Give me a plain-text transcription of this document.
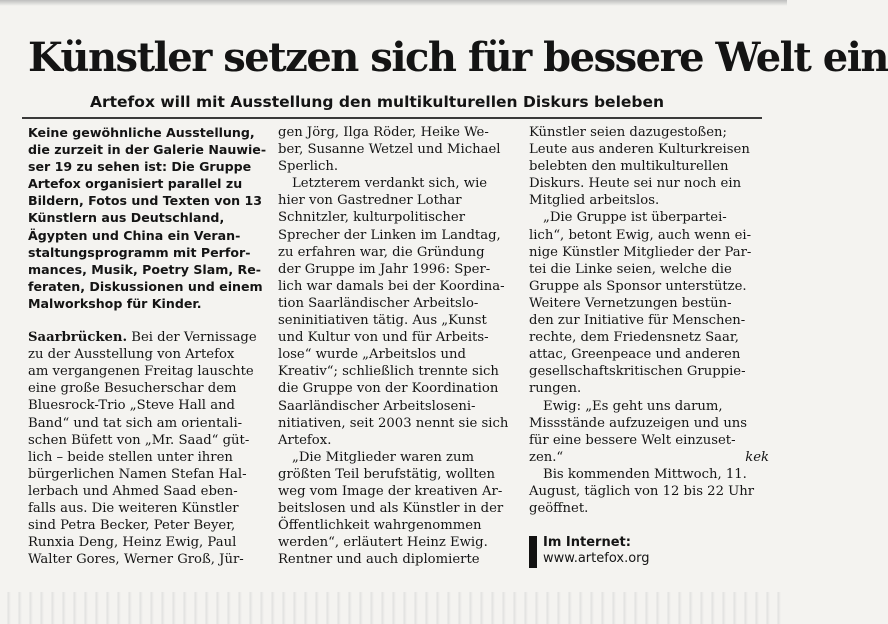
Künstler setzen sich für bessere Welt ein
Artefox will mit Ausstellung den multikulturellen Diskurs beleben
Keine gewöhnliche Ausstellung,
die zurzeit in der Galerie Nauwie-
ser 19 zu sehen ist: Die Gruppe
Artefox organisiert parallel zu
Bildern, Fotos und Texten von 13
Künstlern aus Deutschland,
Ägypten und China ein Veran-
staltungsprogramm mit Perfor-
mances, Musik, Poetry Slam, Re-
feraten, Diskussionen und einem
Malworkshop für Kinder.
Saarbrücken. Bei der Vernissage
zu der Ausstellung von Artefox
am vergangenen Freitag lauschte
eine große Besucherschar dem
Bluesrock-Trio „Steve Hall and
Band“ und tat sich am orientali-
schen Büfett von „Mr. Saad“ güt-
lich – beide stellen unter ihren
bürgerlichen Namen Stefan Hal-
lerbach und Ahmed Saad eben-
falls aus. Die weiteren Künstler
sind Petra Becker, Peter Beyer,
Runxia Deng, Heinz Ewig, Paul
Walter Gores, Werner Groß, Jür-
gen Jörg, Ilga Röder, Heike We-
ber, Susanne Wetzel und Michael
Sperlich.
Letzterem verdankt sich, wie
hier von Gastredner Lothar
Schnitzler, kulturpolitischer
Sprecher der Linken im Landtag,
zu erfahren war, die Gründung
der Gruppe im Jahr 1996: Sper-
lich war damals bei der Koordina-
tion Saarländischer Arbeitslo-
seninitiativen tätig. Aus „Kunst
und Kultur von und für Arbeits-
lose“ wurde „Arbeitslos und
Kreativ“; schließlich trennte sich
die Gruppe von der Koordination
Saarländischer Arbeitsloseni-
nitiativen, seit 2003 nennt sie sich
Artefox.
„Die Mitglieder waren zum
größten Teil berufstätig, wollten
weg vom Image der kreativen Ar-
beitslosen und als Künstler in der
Öffentlichkeit wahrgenommen
werden“, erläutert Heinz Ewig.
Rentner und auch diplomierte
Künstler seien dazugestoßen;
Leute aus anderen Kulturkreisen
belebten den multikulturellen
Diskurs. Heute sei nur noch ein
Mitglied arbeitslos.
„Die Gruppe ist überpartei-
lich“, betont Ewig, auch wenn ei-
nige Künstler Mitglieder der Par-
tei die Linke seien, welche die
Gruppe als Sponsor unterstütze.
Weitere Vernetzungen bestün-
den zur Initiative für Menschen-
rechte, dem Friedensnetz Saar,
attac, Greenpeace und anderen
gesellschaftskritischen Gruppie-
rungen.
Ewig: „Es geht uns darum,
Missstände aufzuzeigen und uns
für eine bessere Welt einzuset-
zen.“	kek
Bis kommenden Mittwoch, 11.
August, täglich von 12 bis 22 Uhr
geöffnet.
Im Internet:
www.artefox.org
